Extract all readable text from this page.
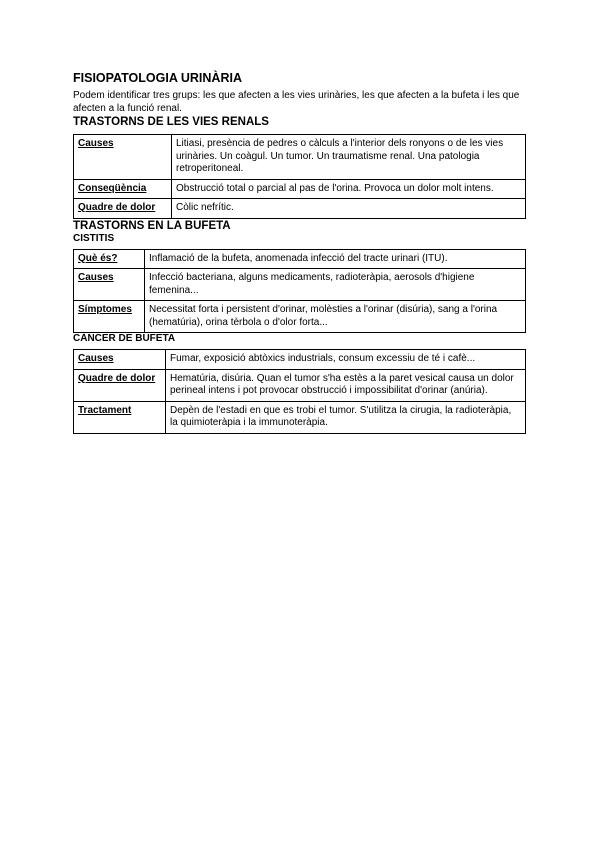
FISIOPATOLOGIA URINÀRIA

Podem identificar tres grups: les que afecten a les vies urinàries, les que afecten a la bufeta i les que afecten a la funció renal.

TRASTORNS DE LES VIES RENALS
Causes	Litiasi, presència de pedres o càlculs a l'interior dels ronyons o de les vies urinàries. Un coàgul. Un tumor. Un traumatisme renal. Una patologia retroperitoneal.
Conseqüència	Obstrucció total o parcial al pas de l'orina. Provoca un dolor molt intens.
Quadre de dolor	Còlic nefrític.
TRASTORNS EN LA BUFETA
CISTITIS
Què és?	Inflamació de la bufeta, anomenada infecció del tracte urinari (ITU).
Causes	Infecció bacteriana, alguns medicaments, radioteràpia, aerosols d'higiene femenina...
Símptomes	Necessitat forta i persistent d'orinar, molèsties a l'orinar (disúria), sang a l'orina (hematúria), orina tèrbola o d'olor forta...
CÀNCER DE BUFETA
Causes	Fumar, exposició abtòxics industrials, consum excessiu de té i cafè...
Quadre de dolor	Hematúria, disúria. Quan el tumor s'ha estès a la paret vesical causa un dolor perineal intens i pot provocar obstrucció i impossibilitat d'orinar (anúria).
Tractament	Depèn de l'estadi en que es trobi el tumor. S'utilitza la cirugia, la radioteràpia, la quimioteràpia i la immunoteràpia.
